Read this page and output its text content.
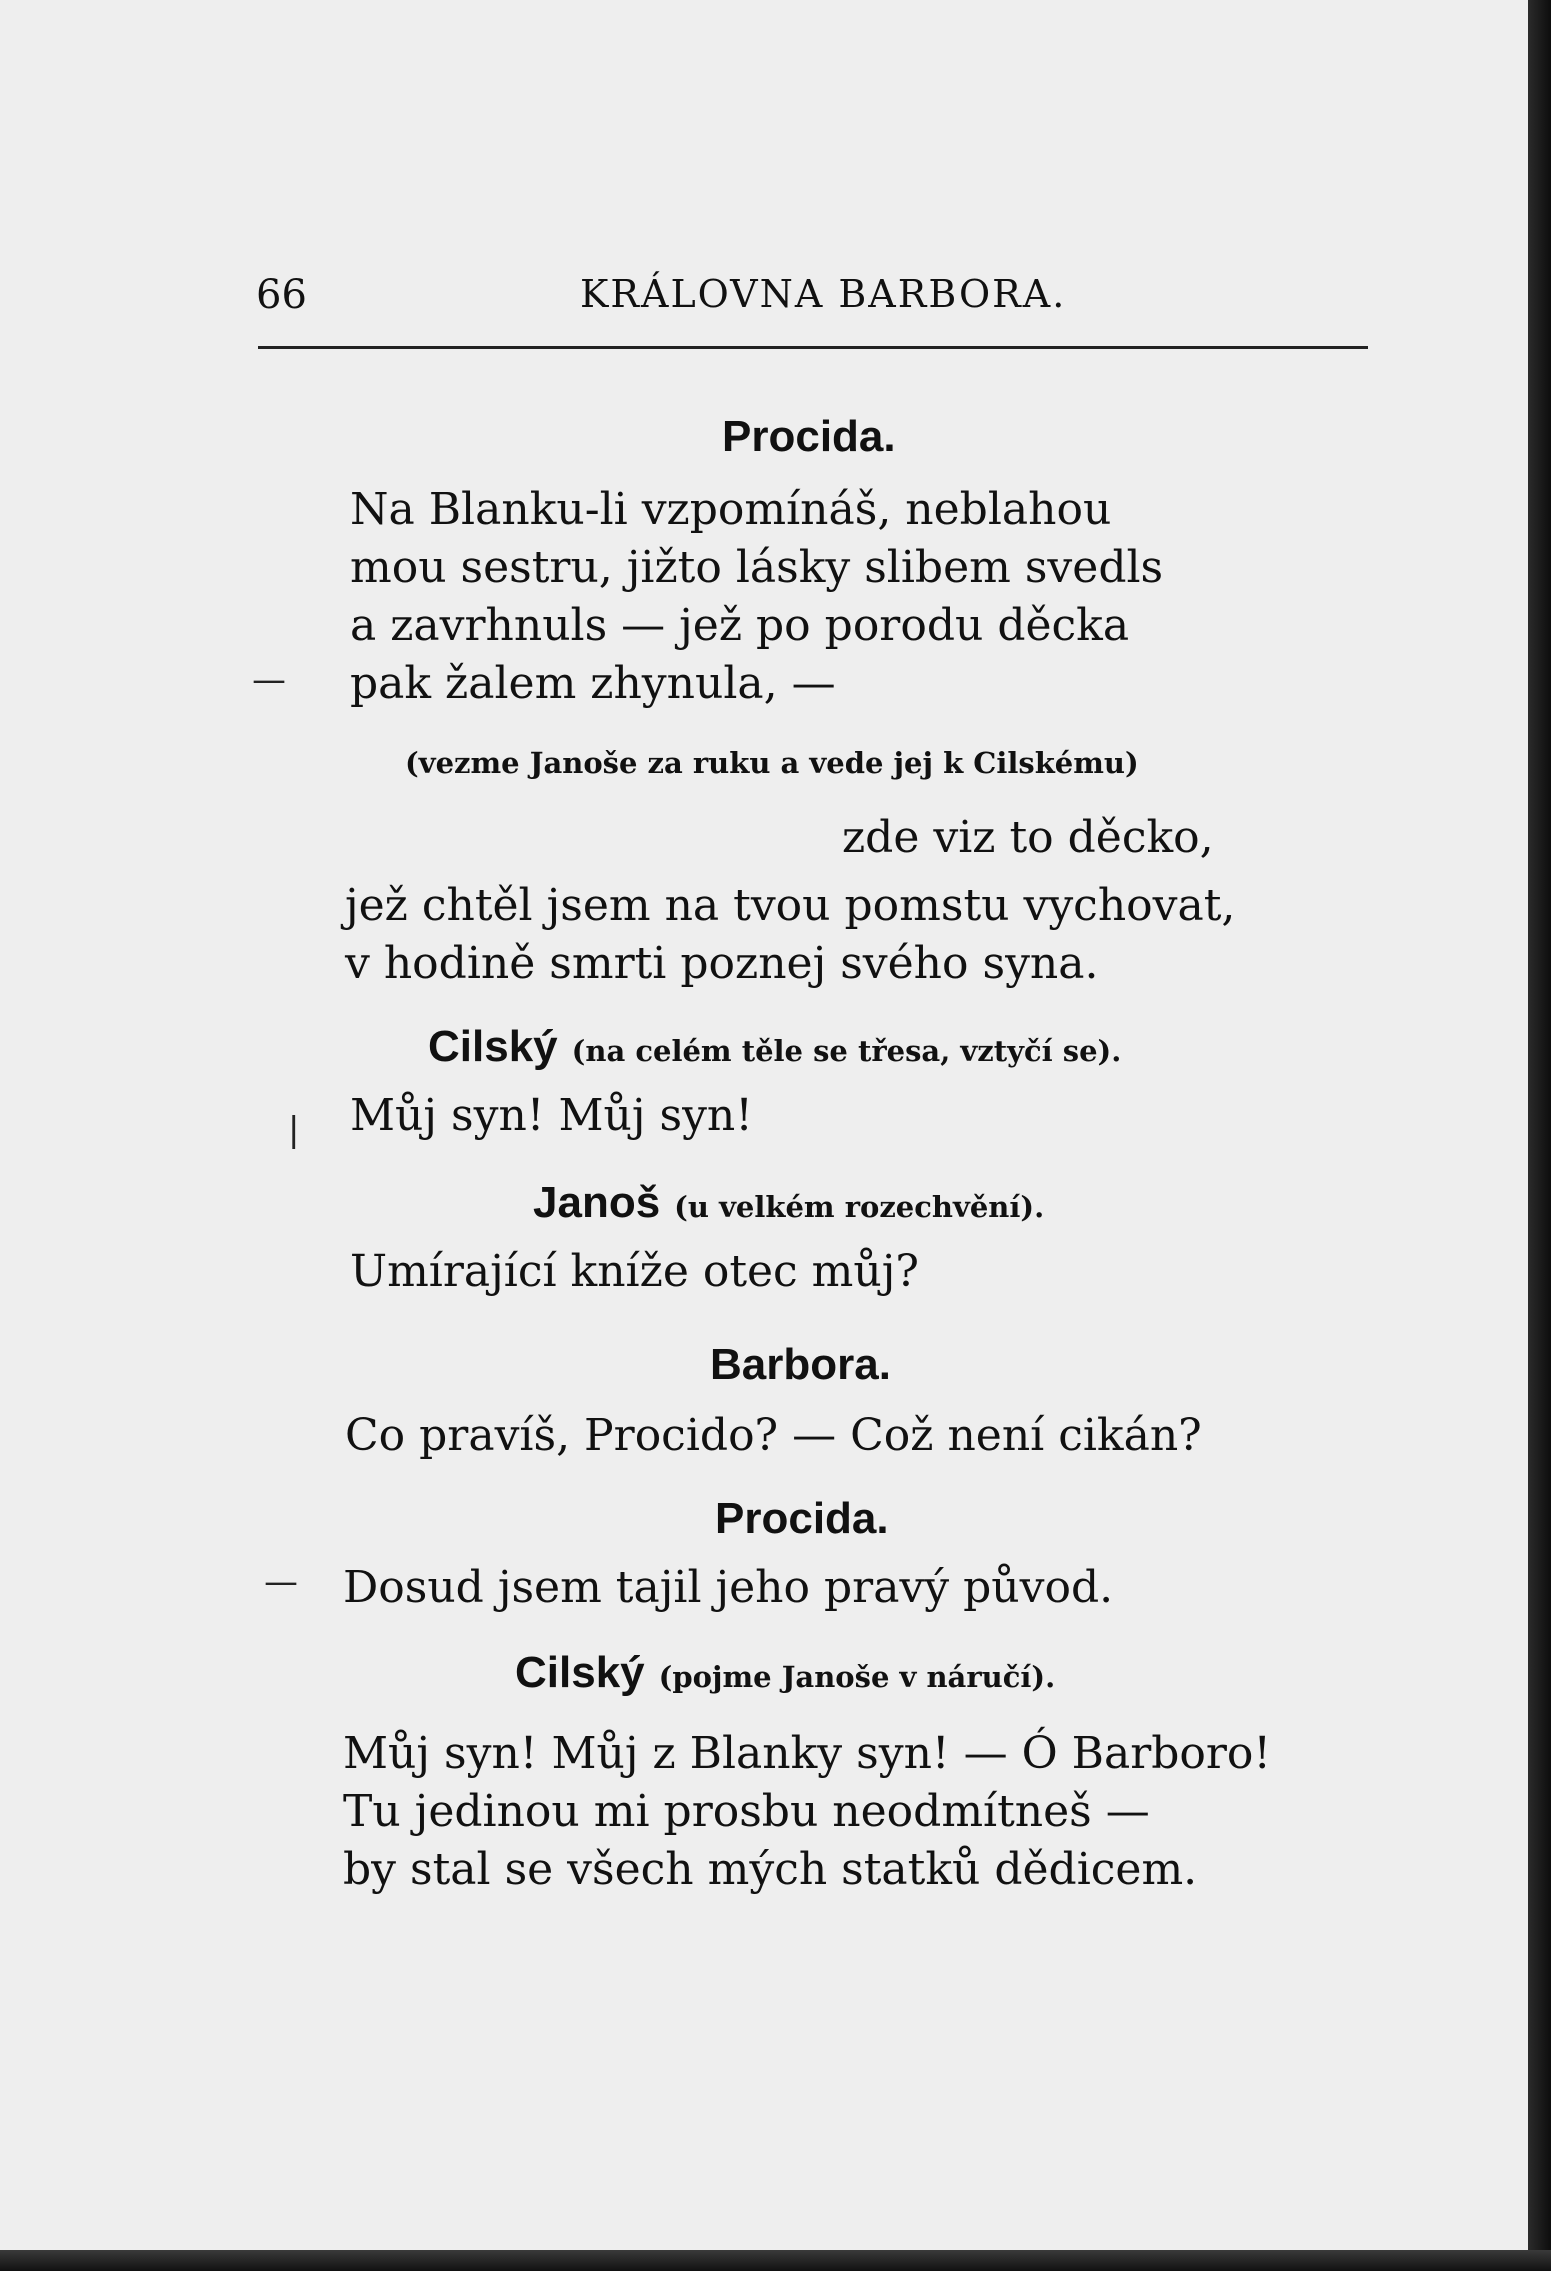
66	KRÁLOVNA BARBORA.
Procida.
Na Blanku-li vzpomínáš, neblahou
mou sestru, jižto lásky slibem svedls
a zavrhnuls — jež po porodu děcka
pak žalem zhynula, —
—
(vezme Janoše za ruku a vede jej k Cilskému)
zde viz to děcko,
jež chtěl jsem na tvou pomstu vychovat,
v hodině smrti poznej svého syna.
Cilský (na celém těle se třesa, vztyčí se).
Můj syn! Můj syn!
Janoš (u velkém rozechvění).
Umírající kníže otec můj?
Barbora.
Co pravíš, Procido? — Což není cikán?
Procida.
Dosud jsem tajil jeho pravý původ.
—
Cilský (pojme Janoše v náručí).
Můj syn! Můj z Blanky syn! — Ó Barboro!
Tu jedinou mi prosbu neodmítneš —
by stal se všech mých statků dědicem.
|
